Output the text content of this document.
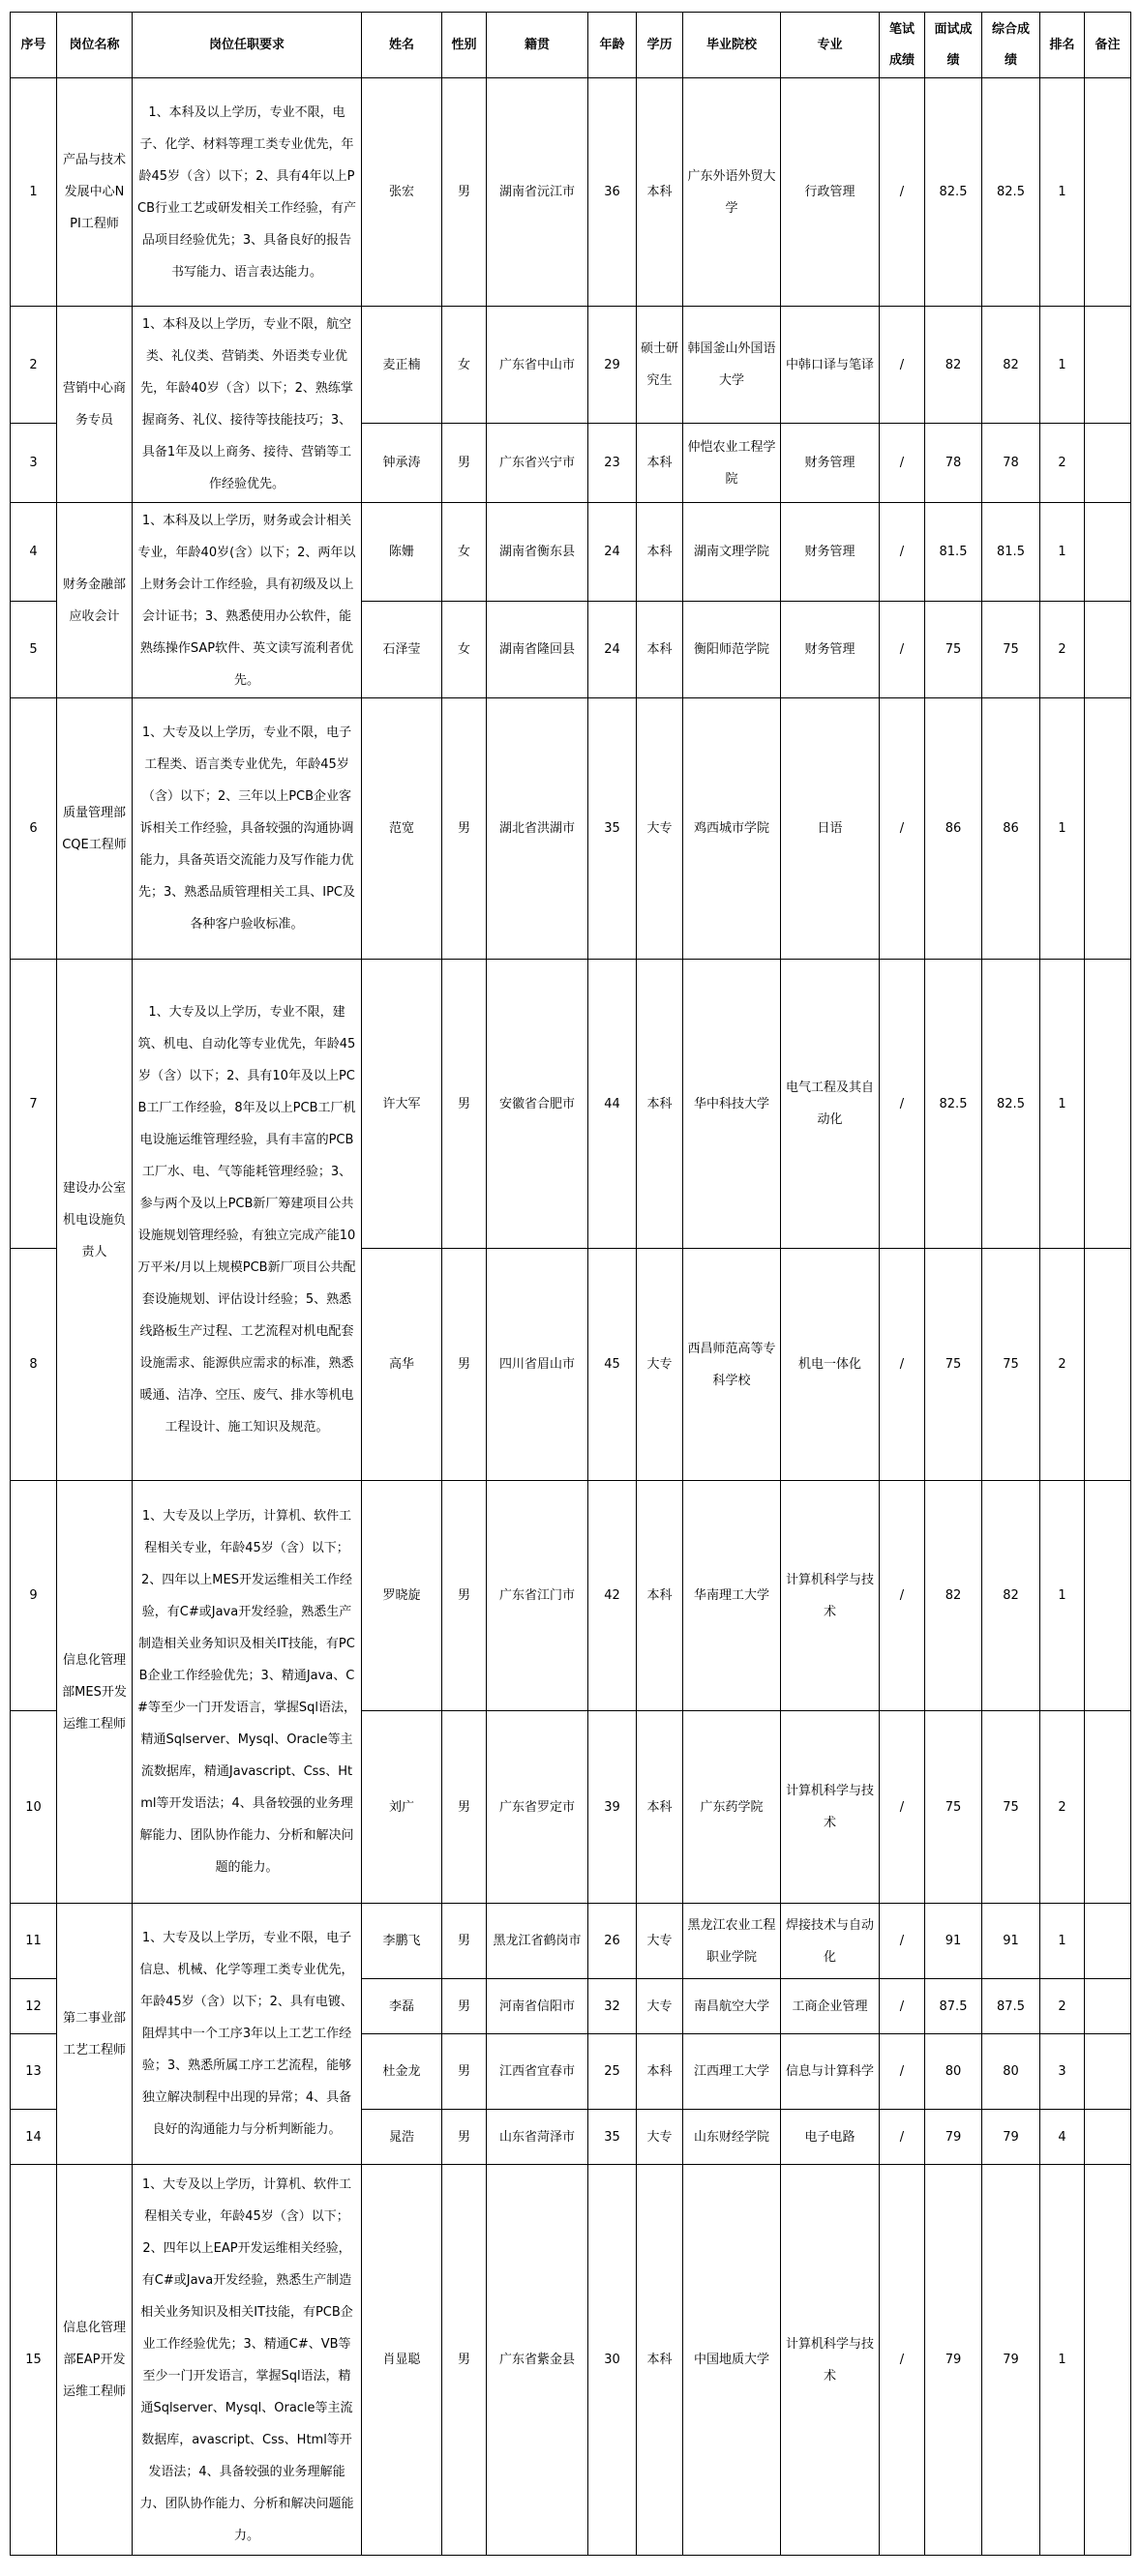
序号	岗位名称	岗位任职要求	姓名	性别	籍贯	年龄	学历	毕业院校	专业	笔试成绩	面试成绩	综合成绩	排名	备注
1	产品与技术发展中心NPI工程师	1、本科及以上学历，专业不限，电子、化学、材料等理工类专业优先，年龄45岁（含）以下；2、具有4年以上PCB行业工艺或研发相关工作经验，有产品项目经验优先；3、具备良好的报告书写能力、语言表达能力。	张宏	男	湖南省沅江市	36	本科	广东外语外贸大学	行政管理	/	82.5	82.5	1	
2	营销中心商务专员	1、本科及以上学历，专业不限，航空类、礼仪类、营销类、外语类专业优先，年龄40岁（含）以下；2、熟练掌握商务、礼仪、接待等技能技巧；3、具备1年及以上商务、接待、营销等工作经验优先。	麦正楠	女	广东省中山市	29	硕士研究生	韩国釜山外国语大学	中韩口译与笔译	/	82	82	1	
3			钟承涛	男	广东省兴宁市	23	本科	仲恺农业工程学院	财务管理	/	78	78	2	
4	财务金融部应收会计	1、本科及以上学历，财务或会计相关专业，年龄40岁(含）以下；2、两年以上财务会计工作经验，具有初级及以上会计证书；3、熟悉使用办公软件，能熟练操作SAP软件、英文读写流利者优先。	陈姗	女	湖南省衡东县	24	本科	湖南文理学院	财务管理	/	81.5	81.5	1	
5			石泽莹	女	湖南省隆回县	24	本科	衡阳师范学院	财务管理	/	75	75	2	
6	质量管理部CQE工程师	1、大专及以上学历，专业不限，电子工程类、语言类专业优先，年龄45岁（含）以下；2、三年以上PCB企业客诉相关工作经验，具备较强的沟通协调能力，具备英语交流能力及写作能力优先；3、熟悉品质管理相关工具、IPC及各种客户验收标准。	范宽	男	湖北省洪湖市	35	大专	鸡西城市学院	日语	/	86	86	1	
7	建设办公室机电设施负责人	1、大专及以上学历，专业不限，建筑、机电、自动化等专业优先，年龄45岁（含）以下；2、具有10年及以上PCB工厂工作经验，8年及以上PCB工厂机电设施运维管理经验，具有丰富的PCB工厂水、电、气等能耗管理经验；3、参与两个及以上PCB新厂筹建项目公共设施规划管理经验，有独立完成产能10万平米/月以上规模PCB新厂项目公共配套设施规划、评估设计经验；5、熟悉线路板生产过程、工艺流程对机电配套设施需求、能源供应需求的标准，熟悉暖通、洁净、空压、废气、排水等机电工程设计、施工知识及规范。	许大军	男	安徽省合肥市	44	本科	华中科技大学	电气工程及其自动化	/	82.5	82.5	1	
8			高华	男	四川省眉山市	45	大专	西昌师范高等专科学校	机电一体化	/	75	75	2	
9	信息化管理部MES开发运维工程师	1、大专及以上学历，计算机、软件工程相关专业，年龄45岁（含）以下；2、四年以上MES开发运维相关工作经验，有C#或Java开发经验，熟悉生产制造相关业务知识及相关IT技能，有PCB企业工作经验优先；3、精通Java、C#等至少一门开发语言，掌握Sql语法，精通Sqlserver、Mysql、Oracle等主流数据库，精通Javascript、Css、Html等开发语法；4、具备较强的业务理解能力、团队协作能力、分析和解决问题的能力。	罗晓旋	男	广东省江门市	42	本科	华南理工大学	计算机科学与技术	/	82	82	1	
10			刘广	男	广东省罗定市	39	本科	广东药学院	计算机科学与技术	/	75	75	2	
11	第二事业部工艺工程师	1、大专及以上学历，专业不限，电子信息、机械、化学等理工类专业优先，年龄45岁（含）以下；2、具有电镀、阻焊其中一个工序3年以上工艺工作经验；3、熟悉所属工序工艺流程，能够独立解决制程中出现的异常；4、具备良好的沟通能力与分析判断能力。	李鹏飞	男	黑龙江省鹤岗市	26	大专	黑龙江农业工程职业学院	焊接技术与自动化	/	91	91	1	
12			李磊	男	河南省信阳市	32	大专	南昌航空大学	工商企业管理	/	87.5	87.5	2	
13			杜金龙	男	江西省宜春市	25	本科	江西理工大学	信息与计算科学	/	80	80	3	
14			晁浩	男	山东省菏泽市	35	大专	山东财经学院	电子电路	/	79	79	4	
15	信息化管理部EAP开发运维工程师	1、大专及以上学历，计算机、软件工程相关专业，年龄45岁（含）以下；2、四年以上EAP开发运维相关经验，有C#或Java开发经验，熟悉生产制造相关业务知识及相关IT技能，有PCB企业工作经验优先；3、精通C#、VB等至少一门开发语言，掌握Sql语法，精通Sqlserver、Mysql、Oracle等主流数据库，avascript、Css、Html等开发语法；4、具备较强的业务理解能力、团队协作能力、分析和解决问题能力。	肖显聪	男	广东省紫金县	30	本科	中国地质大学	计算机科学与技术	/	79	79	1	
